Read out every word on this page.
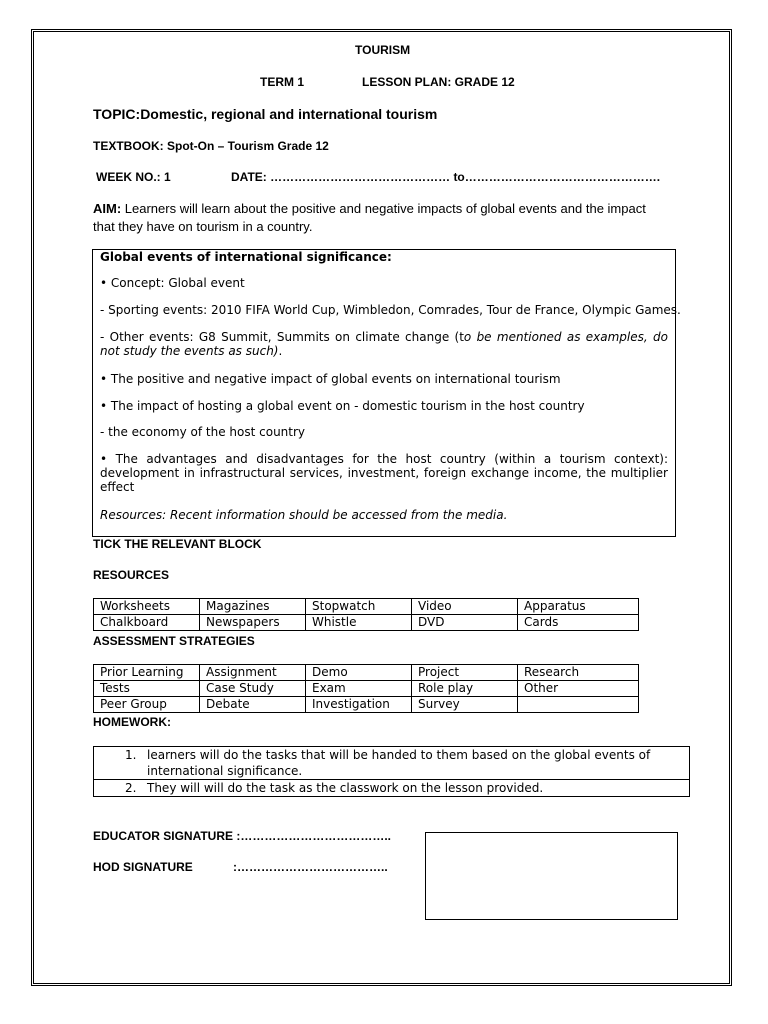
TOURISM
TERM 1	LESSON PLAN: GRADE 12
TOPIC:Domestic, regional and international tourism
TEXTBOOK: Spot-On – Tourism Grade 12
WEEK NO.: 1	DATE: ……………………………………… to………………………………………….
AIM: Learners will learn about the positive and negative impacts of global events and the impact
that they have on tourism in a country.
Global events of international significance:
• Concept: Global event
- Sporting events: 2010 FIFA World Cup, Wimbledon, Comrades, Tour de France, Olympic Games.
- Other events: G8 Summit, Summits on climate change (to be mentioned as examples, do not study the events as such).
• The positive and negative impact of global events on international tourism
• The impact of hosting a global event on - domestic tourism in the host country
- the economy of the host country
• The advantages and disadvantages for the host country (within a tourism context): development in infrastructural services, investment, foreign exchange income, the multiplier effect
Resources: Recent information should be accessed from the media.
TICK THE RELEVANT BLOCK
RESOURCES
Worksheets	Magazines	Stopwatch	Video	Apparatus
Chalkboard	Newspapers	Whistle	DVD	Cards
ASSESSMENT STRATEGIES
Prior Learning	Assignment	Demo	Project	Research
Tests	Case Study	Exam	Role play	Other
Peer Group	Debate	Investigation	Survey	
HOMEWORK:
1. learners will do the tasks that will be handed to them based on the global events of international significance.
2. They will will do the task as the classwork on the lesson provided.
EDUCATOR SIGNATURE :………………………………..
HOD SIGNATURE	:………………………………..
